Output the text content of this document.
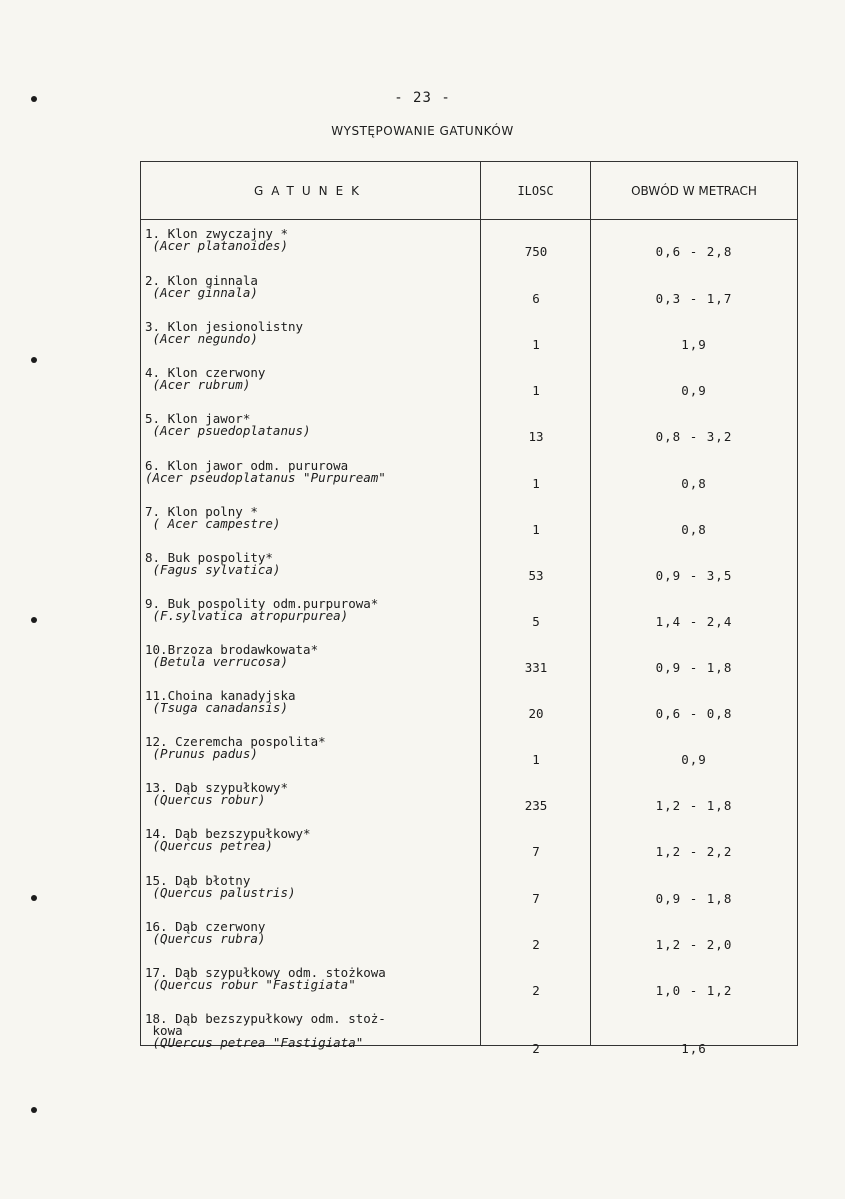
- 23 -
WYSTĘPOWANIE GATUNKÓW
GATUNEK	ILOSC	OBWÓD W METRACH
1. Klon zwyczajny *
(Acer platanoides)	750	0,6 - 2,8
2. Klon ginnala
(Acer ginnala)	6	0,3 - 1,7
3. Klon jesionolistny
(Acer negundo)	1	1,9
4. Klon czerwony
(Acer rubrum)	1	0,9
5. Klon jawor*
(Acer psuedoplatanus)	13	0,8 - 3,2
6. Klon jawor odm. pururowa
(Acer pseudoplatanus "Purpuream"	1	0,8
7. Klon polny *
( Acer campestre)	1	0,8
8. Buk pospolity*
(Fagus sylvatica)	53	0,9 - 3,5
9. Buk pospolity odm.purpurowa*
(F.sylvatica atropurpurea)	5	1,4 - 2,4
10.Brzoza brodawkowata*
(Betula verrucosa)	331	0,9 - 1,8
11.Choina kanadyjska
(Tsuga canadansis)	20	0,6 - 0,8
12. Czeremcha pospolita*
(Prunus padus)	1	0,9
13. Dąb szypułkowy*
(Quercus robur)	235	1,2 - 1,8
14. Dąb bezszypułkowy*
(Quercus petrea)	7	1,2 - 2,2
15. Dąb błotny
(Quercus palustris)	7	0,9 - 1,8
16. Dąb czerwony
(Quercus rubra)	2	1,2 - 2,0
17. Dąb szypułkowy odm. stożkowa
(Quercus robur "Fastigiata"	2	1,0 - 1,2
18. Dąb bezszypułkowy odm. stoż-
kowa
(QUercus petrea "Fastigiata"	2	1,6
